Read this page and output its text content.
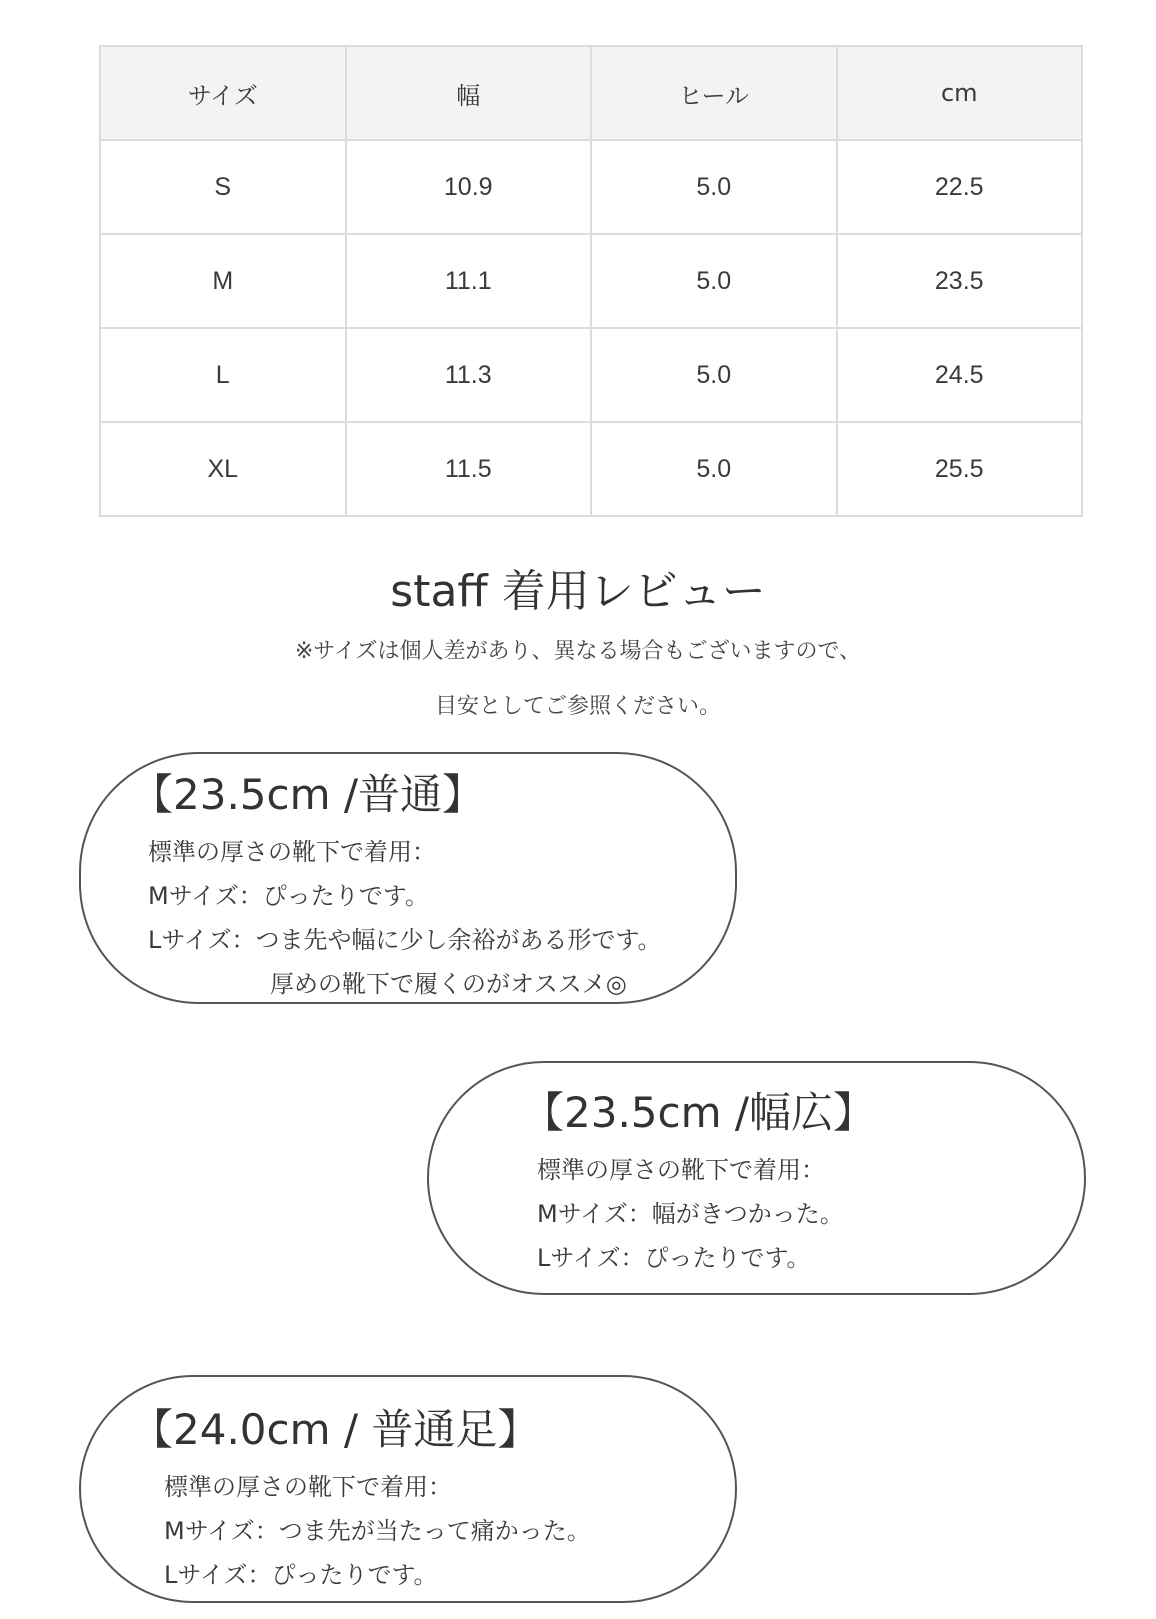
サイズ	幅	ヒール	cm
S	10.9	5.0	22.5
M	11.1	5.0	23.5
L	11.3	5.0	24.5
XL	11.5	5.0	25.5
staff 着用レビュー
※サイズは個人差があり、異なる場合もございますので、
目安としてご参照ください。
【23.5cm /普通】
標準の厚さの靴下で着用：
Mサイズ：ぴったりです。
Lサイズ：つま先や幅に少し余裕がある形です。
厚めの靴下で履くのがオススメ◎
【23.5cm /幅広】
標準の厚さの靴下で着用：
Mサイズ：幅がきつかった。
Lサイズ：ぴったりです。
【24.0cm / 普通足】
標準の厚さの靴下で着用：
Mサイズ：つま先が当たって痛かった。
Lサイズ：ぴったりです。
